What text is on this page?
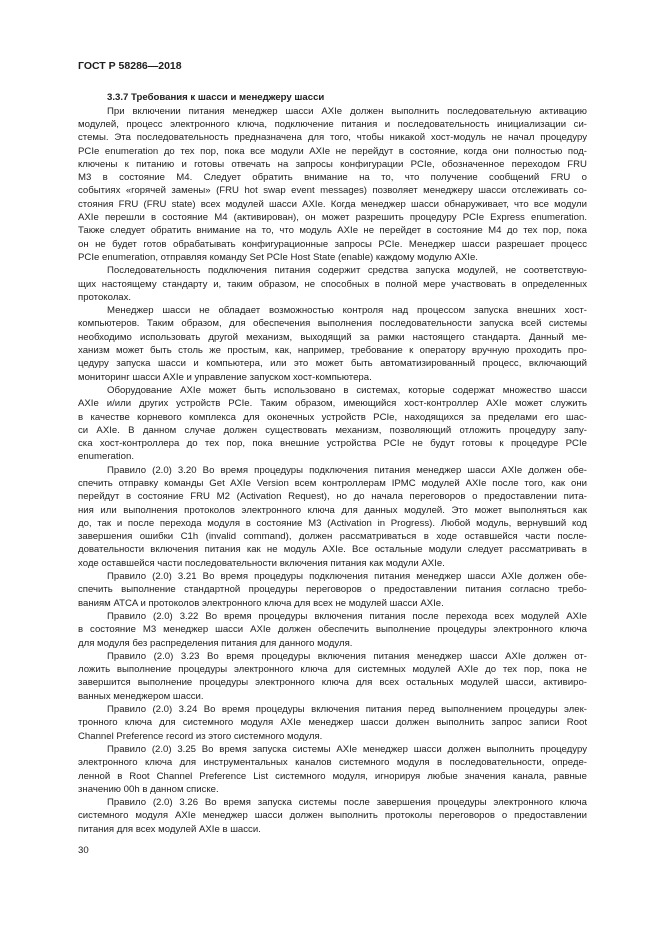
ГОСТ Р 58286—2018
3.3.7 Требования к шасси и менеджеру шасси
При включении питания менеджер шасси AXIe должен выполнить последовательную активацию
модулей, процесс электронного ключа, подключение питания и последовательность инициализации си-
стемы. Эта последовательность предназначена для того, чтобы никакой хост-модуль не начал процедуру
PCIe enumeration до тех пор, пока все модули AXIe не перейдут в состояние, когда они полностью под-
ключены к питанию и готовы отвечать на запросы конфигурации PCIe, обозначенное переходом FRU
M3 в состояние M4. Следует обратить внимание на то, что получение сообщений FRU о
событиях «горячей замены» (FRU hot swap event messages) позволяет менеджеру шасси отслеживать со-
стояния FRU (FRU state) всех модулей шасси AXIe. Когда менеджер шасси обнаруживает, что все модули
AXIe перешли в состояние M4 (активирован), он может разрешить процедуру PCIe Express enumeration.
Также следует обратить внимание на то, что модуль AXIe не перейдет в состояние M4 до тех пор, пока
он не будет готов обрабатывать конфигурационные запросы PCIe. Менеджер шасси разрешает процесс
PCIe enumeration, отправляя команду Set PCIe Host State (enable) каждому модулю AXIe.
Последовательность подключения питания содержит средства запуска модулей, не соответствую-
щих настоящему стандарту и, таким образом, не способных в полной мере участвовать в определенных
протоколах.
Менеджер шасси не обладает возможностью контроля над процессом запуска внешних хост-
компьютеров. Таким образом, для обеспечения выполнения последовательности запуска всей системы
необходимо использовать другой механизм, выходящий за рамки настоящего стандарта. Данный ме-
ханизм может быть столь же простым, как, например, требование к оператору вручную проходить про-
цедуру запуска шасси и компьютера, или это может быть автоматизированный процесс, включающий
мониторинг шасси AXIe и управление запуском хост-компьютера.
Оборудование AXIe может быть использовано в системах, которые содержат множество шасси
AXIe и/или других устройств PCIe. Таким образом, имеющийся хост-контроллер AXIe может служить
в качестве корневого комплекса для оконечных устройств PCIe, находящихся за пределами его шас-
си AXIe. В данном случае должен существовать механизм, позволяющий отложить процедуру запу-
ска хост-контроллера до тех пор, пока внешние устройства PCIe не будут готовы к процедуре PCIe
enumeration.
Правило (2.0) 3.20 Во время процедуры подключения питания менеджер шасси AXIe должен обе-
спечить отправку команды Get AXIe Version всем контроллерам IPMC модулей AXIe после того, как они
перейдут в состояние FRU M2 (Activation Request), но до начала переговоров о предоставлении пита-
ния или выполнения протоколов электронного ключа для данных модулей. Это может выполняться как
до, так и после перехода модуля в состояние M3 (Activation in Progress). Любой модуль, вернувший код
завершения ошибки C1h (invalid command), должен рассматриваться в ходе оставшейся части после-
довательности включения питания как не модуль AXIe. Все остальные модули следует рассматривать в
ходе оставшейся части последовательности включения питания как модули AXIe.
Правило (2.0) 3.21 Во время процедуры подключения питания менеджер шасси AXIe должен обе-
спечить выполнение стандартной процедуры переговоров о предоставлении питания согласно требо-
ваниям ATCA и протоколов электронного ключа для всех не модулей шасси AXIe.
Правило (2.0) 3.22 Во время процедуры включения питания после перехода всех модулей AXIe
в состояние M3 менеджер шасси AXIe должен обеспечить выполнение процедуры электронного ключа
для модуля без распределения питания для данного модуля.
Правило (2.0) 3.23 Во время процедуры включения питания менеджер шасси AXIe должен от-
ложить выполнение процедуры электронного ключа для системных модулей AXIe до тех пор, пока не
завершится выполнение процедуры электронного ключа для всех остальных модулей шасси, активиро-
ванных менеджером шасси.
Правило (2.0) 3.24 Во время процедуры включения питания перед выполнением процедуры элек-
тронного ключа для системного модуля AXIe менеджер шасси должен выполнить запрос записи Root
Channel Preference record из этого системного модуля.
Правило (2.0) 3.25 Во время запуска системы AXIe менеджер шасси должен выполнить процедуру
электронного ключа для инструментальных каналов системного модуля в последовательности, опреде-
ленной в Root Channel Preference List системного модуля, игнорируя любые значения канала, равные
значению 00h в данном списке.
Правило (2.0) 3.26 Во время запуска системы после завершения процедуры электронного ключа
системного модуля AXIe менеджер шасси должен выполнить протоколы переговоров о предоставлении
питания для всех модулей AXIe в шасси.
30
